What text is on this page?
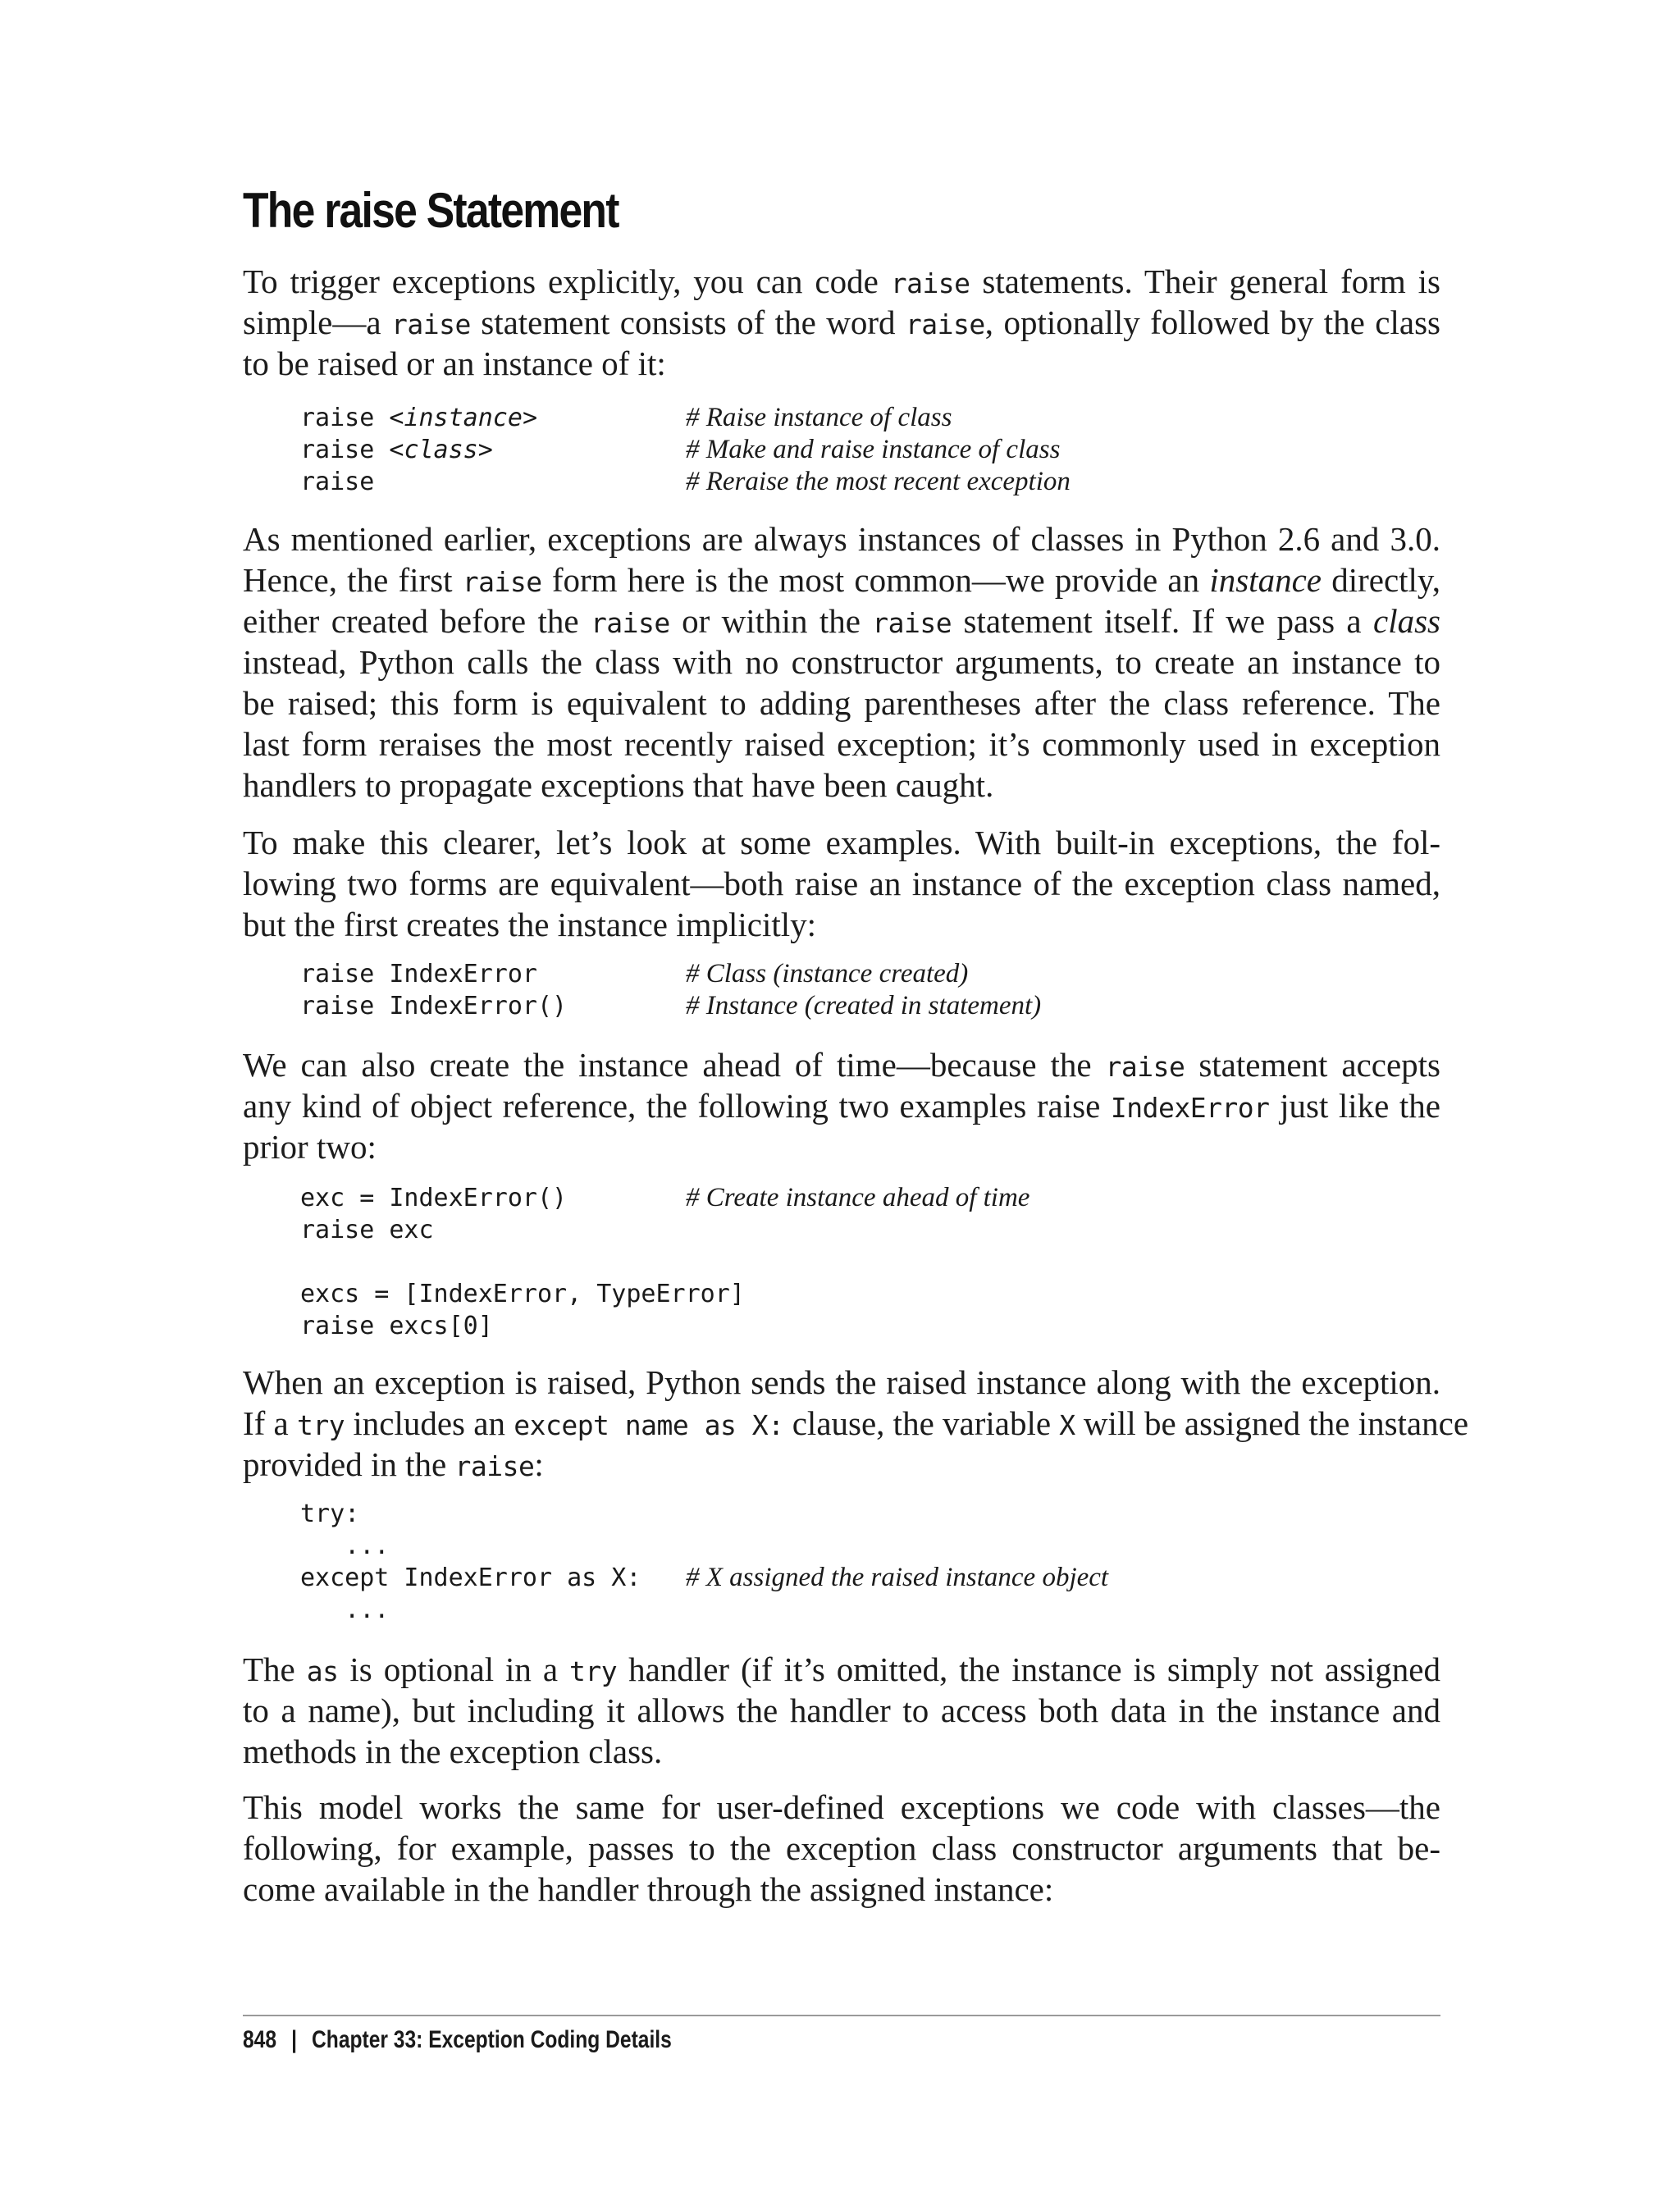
The raise Statement
To trigger exceptions explicitly, you can code raise statements. Their general form is
simple—a raise statement consists of the word raise, optionally followed by the class
to be raised or an instance of it:
raise <instance>	# Raise instance of class
raise <class>	# Make and raise instance of class
raise	# Reraise the most recent exception
As mentioned earlier, exceptions are always instances of classes in Python 2.6 and 3.0.
Hence, the first raise form here is the most common—we provide an instance directly,
either created before the raise or within the raise statement itself. If we pass a class
instead, Python calls the class with no constructor arguments, to create an instance to
be raised; this form is equivalent to adding parentheses after the class reference. The
last form reraises the most recently raised exception; it’s commonly used in exception
handlers to propagate exceptions that have been caught.
To make this clearer, let’s look at some examples. With built-in exceptions, the fol-
lowing two forms are equivalent—both raise an instance of the exception class named,
but the first creates the instance implicitly:
raise IndexError	# Class (instance created)
raise IndexError()	# Instance (created in statement)
We can also create the instance ahead of time—because the raise statement accepts
any kind of object reference, the following two examples raise IndexError just like the
prior two:
exc = IndexError()	# Create instance ahead of time
raise exc
excs = [IndexError, TypeError]
raise excs[0]
When an exception is raised, Python sends the raised instance along with the exception.
If a try includes an except name as X: clause, the variable X will be assigned the instance
provided in the raise:
try:
...
except IndexError as X: # X assigned the raised instance object
...
The as is optional in a try handler (if it’s omitted, the instance is simply not assigned
to a name), but including it allows the handler to access both data in the instance and
methods in the exception class.
This model works the same for user-defined exceptions we code with classes—the
following, for example, passes to the exception class constructor arguments that be-
come available in the handler through the assigned instance:
848 | Chapter 33: Exception Coding Details
